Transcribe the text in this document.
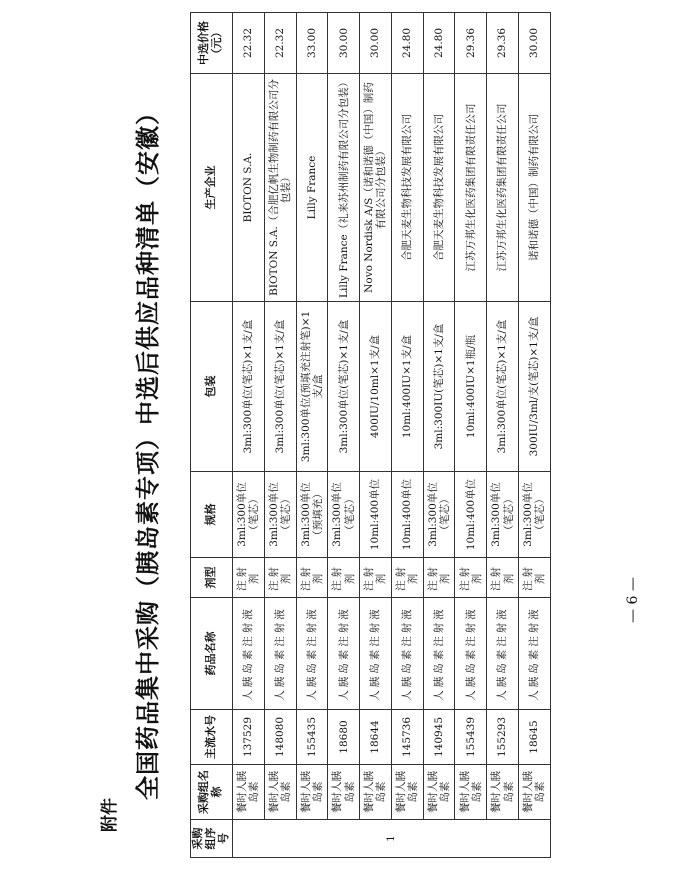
附件
全国药品集中采购（胰岛素专项）中选后供应品种清单（安徽）
采购组序号	采购组名称	主流水号	药品名称	剂型	规格	包装	生产企业	中选价格（元）
1	餐时人胰岛素	137529	人胰岛素注射液	注射剂	3ml:300单位（笔芯）	3ml:300单位(笔芯)×1支/盒	BIOTON S.A.	22.32
	餐时人胰岛素	148080	人胰岛素注射液	注射剂	3ml:300单位（笔芯）	3ml:300单位(笔芯)×1支/盒	BIOTON S.A.（合肥亿帆生物制药有限公司分包装）	22.32
	餐时人胰岛素	155435	人胰岛素注射液	注射剂	3ml:300单位（预填充）	3ml:300单位(预填充注射笔)×1支/盒	Lilly France	33.00
	餐时人胰岛素	18680	人胰岛素注射液	注射剂	3ml:300单位（笔芯）	3ml:300单位(笔芯)×1支/盒	Lilly France（礼来苏州制药有限公司分包装）	30.00
	餐时人胰岛素	18644	人胰岛素注射液	注射剂	10ml:400单位	400IU/10ml×1支/盒	Novo Nordisk A/S（诺和诺德（中国）制药有限公司分包装）	30.00
	餐时人胰岛素	145736	人胰岛素注射液	注射剂	10ml:400单位	10ml:400IU×1支/盒	合肥天麦生物科技发展有限公司	24.80
	餐时人胰岛素	140945	人胰岛素注射液	注射剂	3ml:300单位（笔芯）	3ml:300IU(笔芯)×1支/盒	合肥天麦生物科技发展有限公司	24.80
	餐时人胰岛素	155439	人胰岛素注射液	注射剂	10ml:400单位	10ml:400IU×1瓶/瓶	江苏万邦生化医药集团有限责任公司	29.36
	餐时人胰岛素	155293	人胰岛素注射液	注射剂	3ml:300单位（笔芯）	3ml:300单位(笔芯)×1支/盒	江苏万邦生化医药集团有限责任公司	29.36
	餐时人胰岛素	18645	人胰岛素注射液	注射剂	3ml:300单位（笔芯）	300IU/3ml/支(笔芯)×1支/盒	诺和诺德（中国）制药有限公司	30.00
— 6 —
